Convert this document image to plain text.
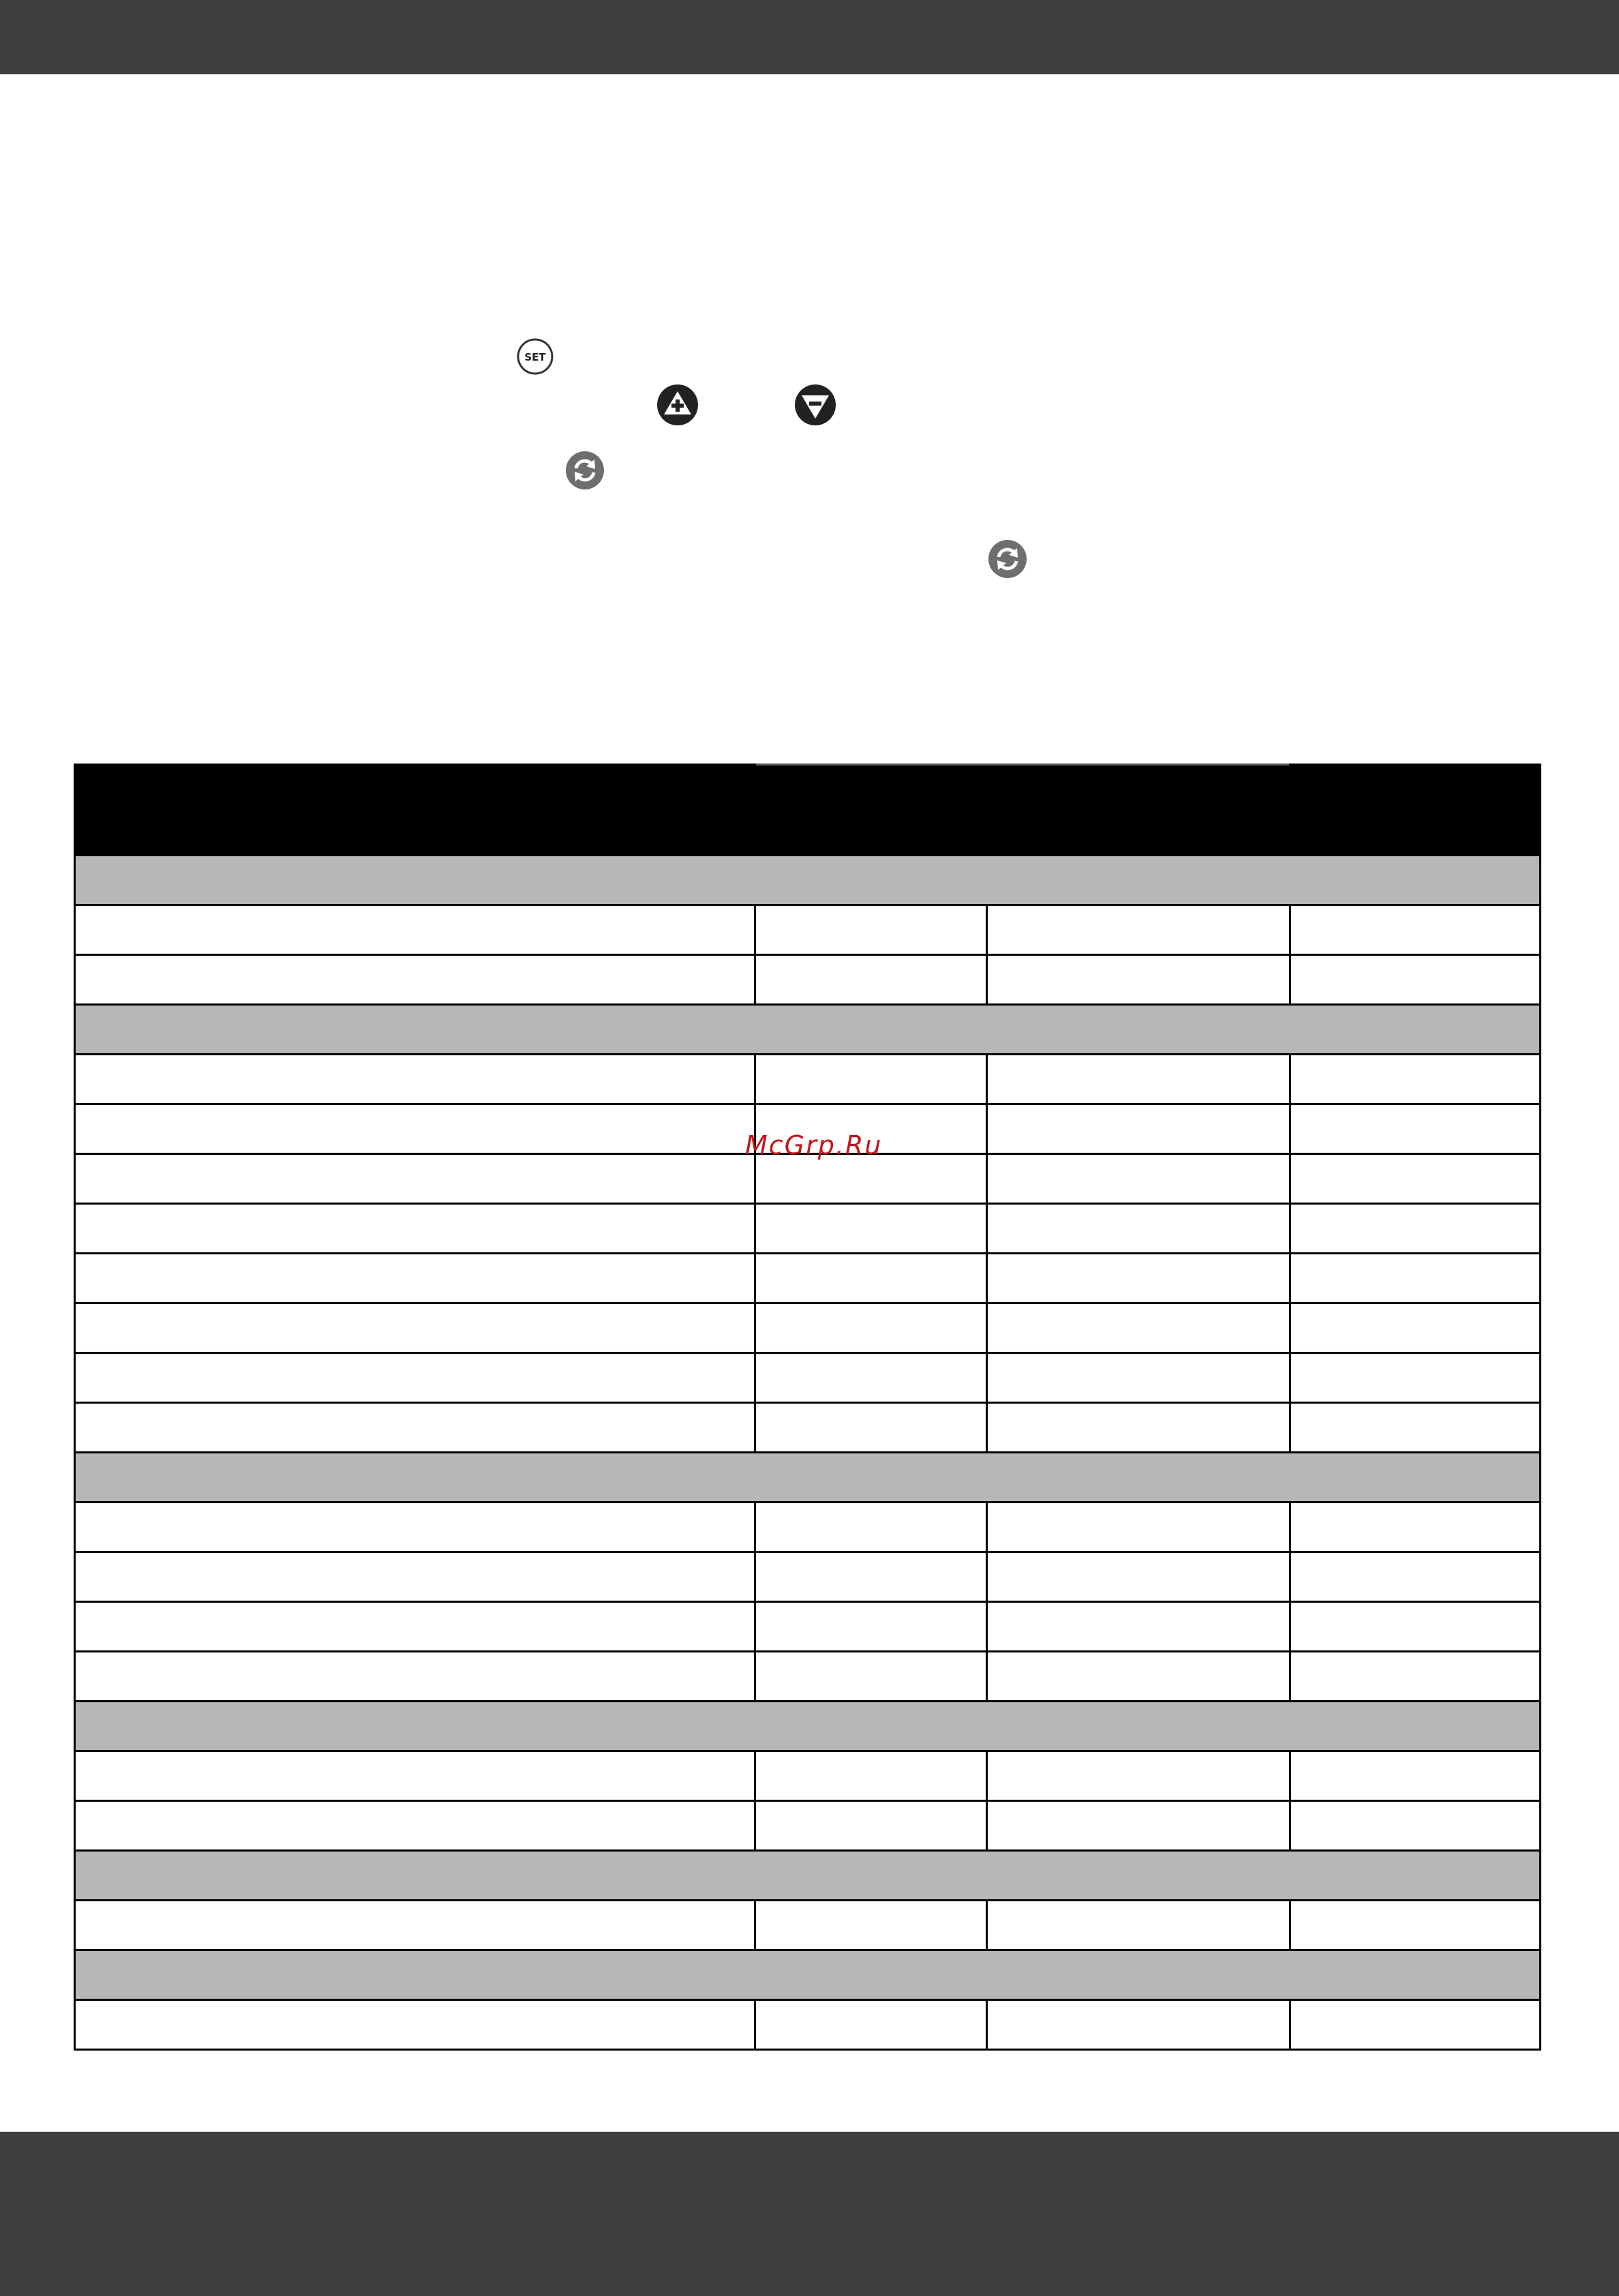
SET

McGrp.Ru
